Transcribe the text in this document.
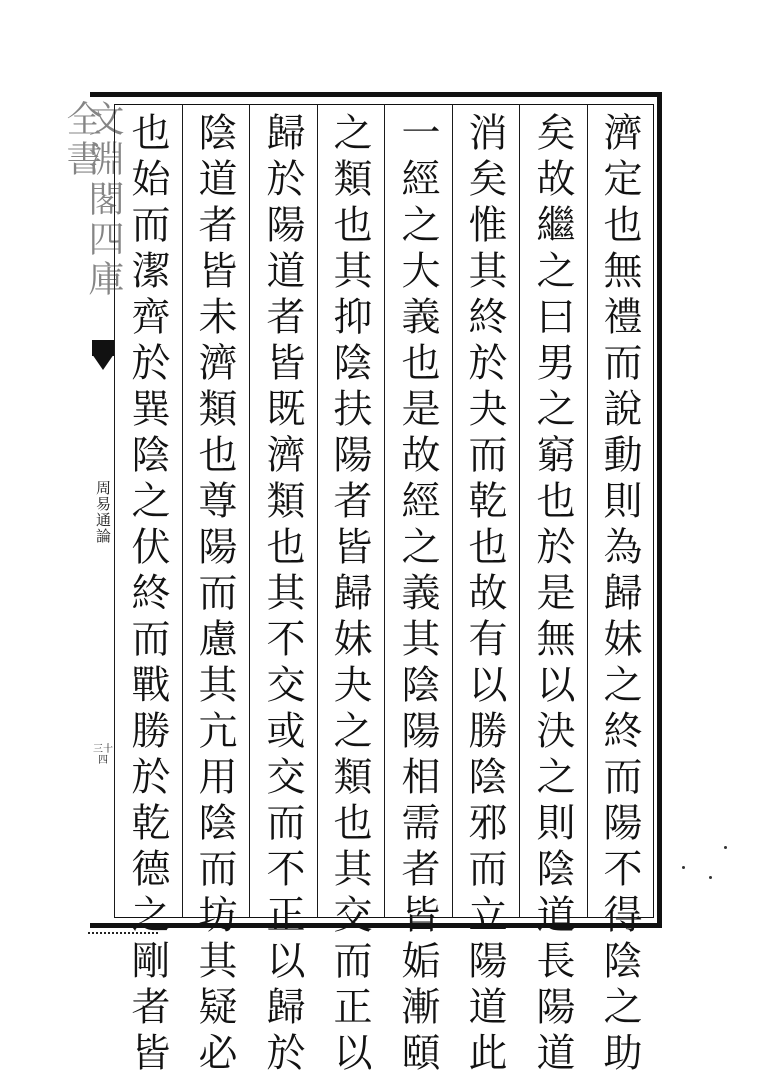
文淵閣四庫全書
周易通論
三十四	濟定也無禮而說動則為歸妹之終而陽不得陰之助
矣故繼之曰男之窮也於是無以決之則陰道長陽道
消矣惟其終於夬而乾也故有以勝陰邪而立陽道此
一經之大義也是故經之義其陰陽相需者皆姤漸頤
之類也其抑陰扶陽者皆歸妹夬之類也其交而正以
歸於陽道者皆既濟類也其不交或交而不正以歸於
陰道者皆未濟類也尊陽而慮其亢用陰而坊其疑必
也始而潔齊於巽陰之伏終而戰勝於乾德之剛者皆
